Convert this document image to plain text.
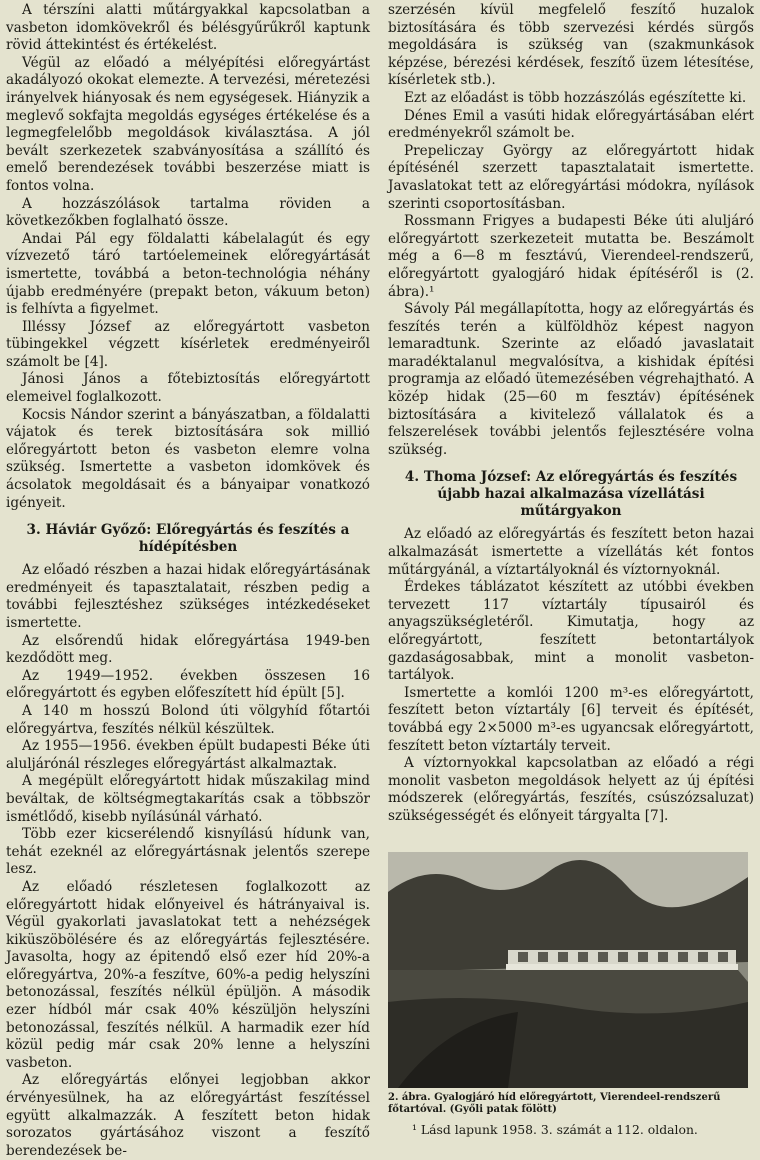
A térszíni alatti műtárgyakkal kapcsolatban a vasbeton idomkövekről és bélésgyűrűkről kaptunk rövid áttekintést és értékelést.

Végül az előadó a mélyépítési előregyártást akadályozó okokat elemezte. A tervezési, méretezési irányelvek hiányosak és nem egységesek. Hiányzik a meglevő sokfajta megoldás egységes értékelése és a legmegfelelőbb megoldások kiválasztása. A jól bevált szerkezetek szabványosítása a szállító és emelő berendezések további beszerzése miatt is fontos volna.

A hozzászólások tartalma röviden a következőkben foglalható össze.

Andai Pál egy földalatti kábelalagút és egy vízvezető táró tartóelemeinek előregyártását ismertette, továbbá a beton-technológia néhány újabb eredményére (prepakt beton, vákuum beton) is felhívta a figyelmet.

Illéssy József az előregyártott vasbeton tübingekkel végzett kísérletek eredményeiről számolt be [4].

Jánosi János a főtebiztosítás előregyártott elemeivel foglalkozott.

Kocsis Nándor szerint a bányászatban, a földalatti vájatok és terek biztosítására sok millió előregyártott beton és vasbeton elemre volna szükség. Ismertette a vasbeton idomkövek és ácsolatok megoldásait és a bányaipar vonatkozó igényeit.

3. Háviár Győző: Előregyártás és feszítés a hídépítésben

Az előadó részben a hazai hidak előregyártásának eredményeit és tapasztalatait, részben pedig a további fejlesztéshez szükséges intézkedéseket ismertette.

Az elsőrendű hidak előregyártása 1949-ben kezdődött meg.

Az 1949—1952. években összesen 16 előregyártott és egyben előfeszített híd épült [5].

A 140 m hosszú Bolond úti völgyhíd főtartói előregyártva, feszítés nélkül készültek.

Az 1955—1956. években épült budapesti Béke úti aluljárónál részleges előregyártást alkalmaztak.

A megépült előregyártott hidak műszakilag mind beváltak, de költségmegtakarítás csak a többször ismétlődő, kisebb nyílásúnál várható.

Több ezer kicserélendő kisnyílású hídunk van, tehát ezeknél az előregyártásnak jelentős szerepe lesz.

Az előadó részletesen foglalkozott az előregyártott hidak előnyeivel és hátrányaival is. Végül gyakorlati javaslatokat tett a nehézségek kiküszöbölésére és az előregyártás fejlesztésére. Javasolta, hogy az épitendő első ezer híd 20%-a előregyártva, 20%-a feszítve, 60%-a pedig helyszíni betonozással, feszítés nélkül épüljön. A második ezer hídból már csak 40% készüljön helyszíni betonozással, feszítés nélkül. A harmadik ezer híd közül pedig már csak 20% lenne a helyszíni vasbeton.

Az előregyártás előnyei legjobban akkor érvényesülnek, ha az előregyártást feszítéssel együtt alkalmazzák. A feszített beton hidak sorozatos gyártásához viszont a feszítő berendezések be-

szerzésén kívül megfelelő feszítő huzalok biztosítására és több szervezési kérdés sürgős megoldására is szükség van (szakmunkások képzése, bérezési kérdések, feszítő üzem létesítése, kísérletek stb.).

Ezt az előadást is több hozzászólás egészítette ki.

Dénes Emil a vasúti hidak előregyártásában elért eredményekről számolt be.

Prepeliczay György az előregyártott hidak építésénél szerzett tapasztalatait ismertette. Javaslatokat tett az előregyártási módokra, nyílások szerinti csoportosításban.

Rossmann Frigyes a budapesti Béke úti aluljáró előregyártott szerkezeteit mutatta be. Beszámolt még a 6—8 m fesztávú, Vierendeel-rendszerű, előregyártott gyalogjáró hidak építéséről is (2. ábra).¹

Sávoly Pál megállapította, hogy az előregyártás és feszítés terén a külföldhöz képest nagyon lemaradtunk. Szerinte az előadó javaslatait maradéktalanul megvalósítva, a kishidak építési programja az előadó ütemezésében végrehajtható. A közép hidak (25—60 m fesztáv) építésének biztosítására a kivitelező vállalatok és a felszerelések további jelentős fejlesztésére volna szükség.

4. Thoma József: Az előregyártás és feszítés újabb hazai alkalmazása vízellátási műtárgyakon

Az előadó az előregyártás és feszített beton hazai alkalmazását ismertette a vízellátás két fontos műtárgyánál, a víztartályoknál és víztornyoknál.

Érdekes táblázatot készített az utóbbi években tervezett 117 víztartály típusairól és anyagszükségletéről. Kimutatja, hogy az előregyártott, feszített betontartályok gazdaságosabbak, mint a monolit vasbeton-tartályok.

Ismertette a komlói 1200 m³-es előregyártott, feszített beton víztartály [6] terveit és építését, továbbá egy 2×5000 m³-es ugyancsak előregyártott, feszített beton víztartály terveit.

A víztornyokkal kapcsolatban az előadó a régi monolit vasbeton megoldások helyett az új építési módszerek (előregyártás, feszítés, csúszózsaluzat) szükségességét és előnyeit tárgyalta [7].

2. ábra. Gyalogjáró híd előregyártott, Vierendeel-rendszerű főtartóval. (Győli patak fölött)
¹ Lásd lapunk 1958. 3. számát a 112. oldalon.
